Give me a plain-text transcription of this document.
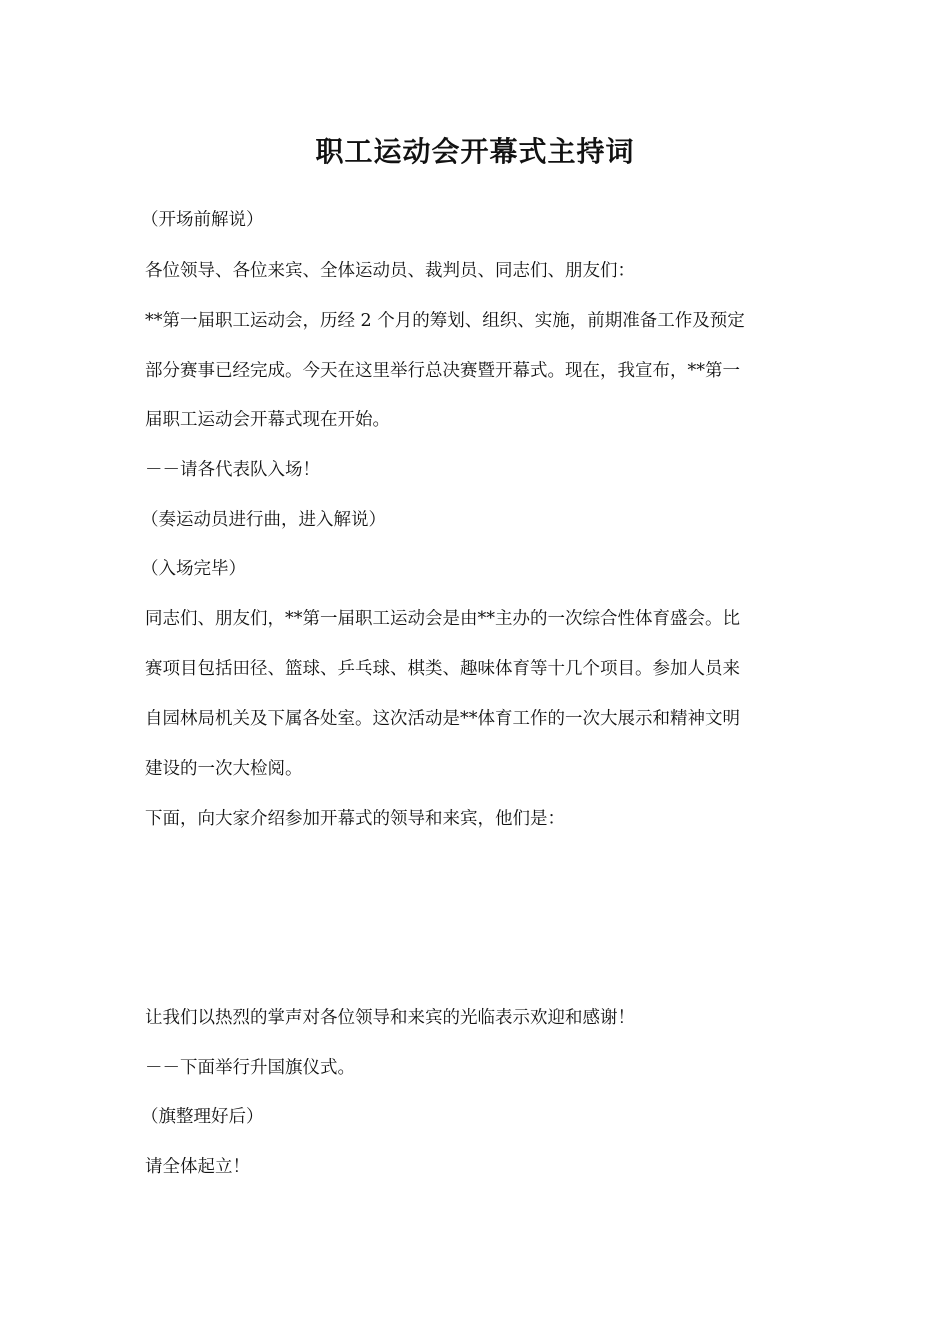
职工运动会开幕式主持词
（开场前解说）
各位领导、各位来宾、全体运动员、裁判员、同志们、朋友们：
**第一届职工运动会，历经 2 个月的筹划、组织、实施，前期准备工作及预定
部分赛事已经完成。今天在这里举行总决赛暨开幕式。现在，我宣布，**第一
届职工运动会开幕式现在开始。
－－请各代表队入场！
（奏运动员进行曲，进入解说）
（入场完毕）
同志们、朋友们，**第一届职工运动会是由**主办的一次综合性体育盛会。比
赛项目包括田径、篮球、乒乓球、棋类、趣味体育等十几个项目。参加人员来
自园林局机关及下属各处室。这次活动是**体育工作的一次大展示和精神文明
建设的一次大检阅。
下面，向大家介绍参加开幕式的领导和来宾，他们是：
让我们以热烈的掌声对各位领导和来宾的光临表示欢迎和感谢！
－－下面举行升国旗仪式。
（旗整理好后）
请全体起立！
